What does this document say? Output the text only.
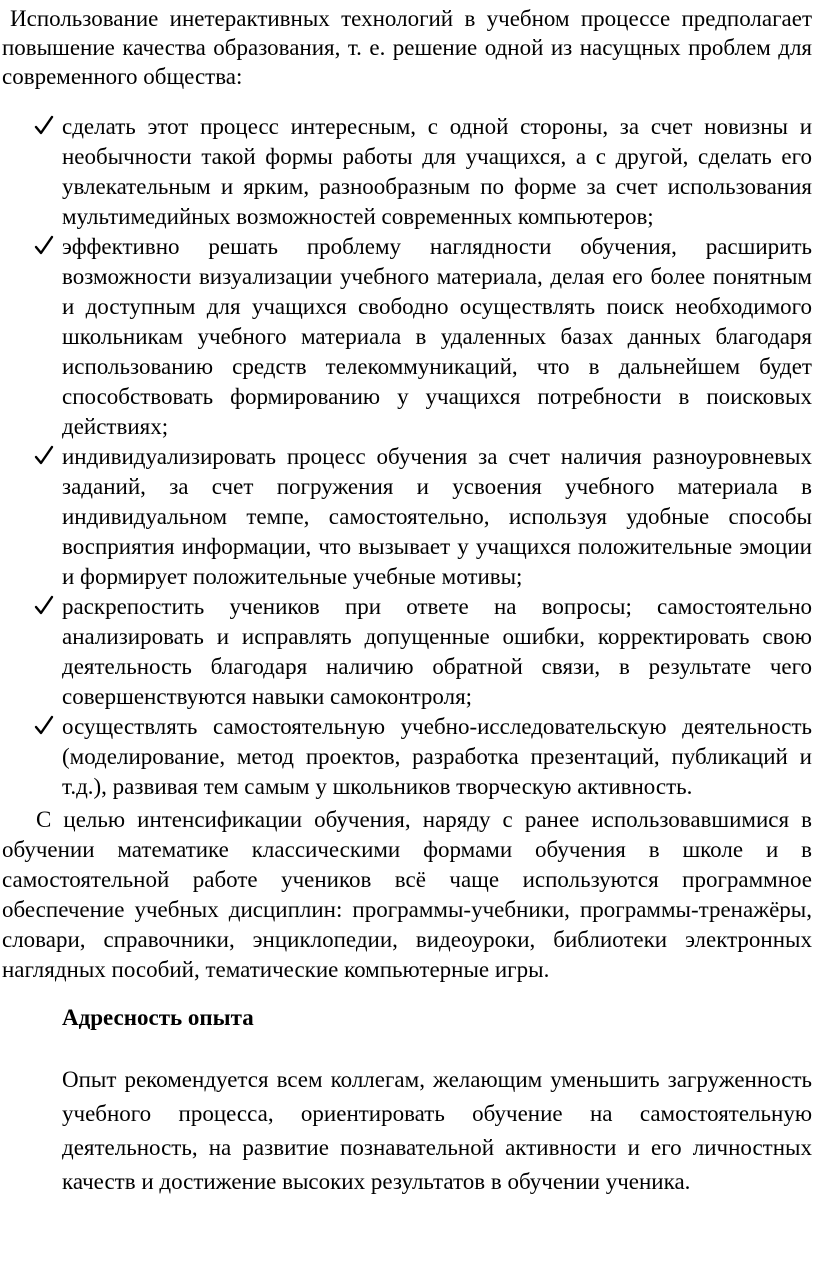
Использование инетерактивных технологий в учебном процессе предполагает повышение качества образования, т. е. решение одной из насущных проблем для современного общества:

сделать этот процесс интересным, с одной стороны, за счет новизны и необычности такой формы работы для учащихся, а с другой, сделать его увлекательным и ярким, разнообразным по форме за счет использования мультимедийных возможностей современных компьютеров;
эффективно решать проблему наглядности обучения, расширить возможности визуализации учебного материала, делая его более понятным и доступным для учащихся свободно осуществлять поиск необходимого школьникам учебного материала в удаленных базах данных благодаря использованию средств телекоммуникаций, что в дальнейшем будет способствовать формированию у учащихся потребности в поисковых действиях;
индивидуализировать процесс обучения за счет наличия разноуровневых заданий, за счет погружения и усвоения учебного материала в индивидуальном темпе, самостоятельно, используя удобные способы восприятия информации, что вызывает у учащихся положительные эмоции и формирует положительные учебные мотивы;
раскрепостить учеников при ответе на вопросы; самостоятельно анализировать и исправлять допущенные ошибки, корректировать свою деятельность благодаря наличию обратной связи, в результате чего совершенствуются навыки самоконтроля;
осуществлять самостоятельную учебно-исследовательскую деятельность (моделирование, метод проектов, разработка презентаций, публикаций и т.д.), развивая тем самым у школьников творческую активность.

С целью интенсификации обучения, наряду с ранее использовавшимися в обучении математике классическими формами обучения в школе и в самостоятельной работе учеников всё чаще используются программное обеспечение учебных дисциплин: программы-учебники, программы-тренажёры, словари, справочники, энциклопедии, видеоуроки, библиотеки электронных наглядных пособий, тематические компьютерные игры.

Адресность опыта

Опыт рекомендуется всем коллегам, желающим уменьшить загруженность учебного процесса, ориентировать обучение на самостоятельную деятельность, на развитие познавательной активности и его личностных качеств и достижение высоких результатов в обучении ученика.
